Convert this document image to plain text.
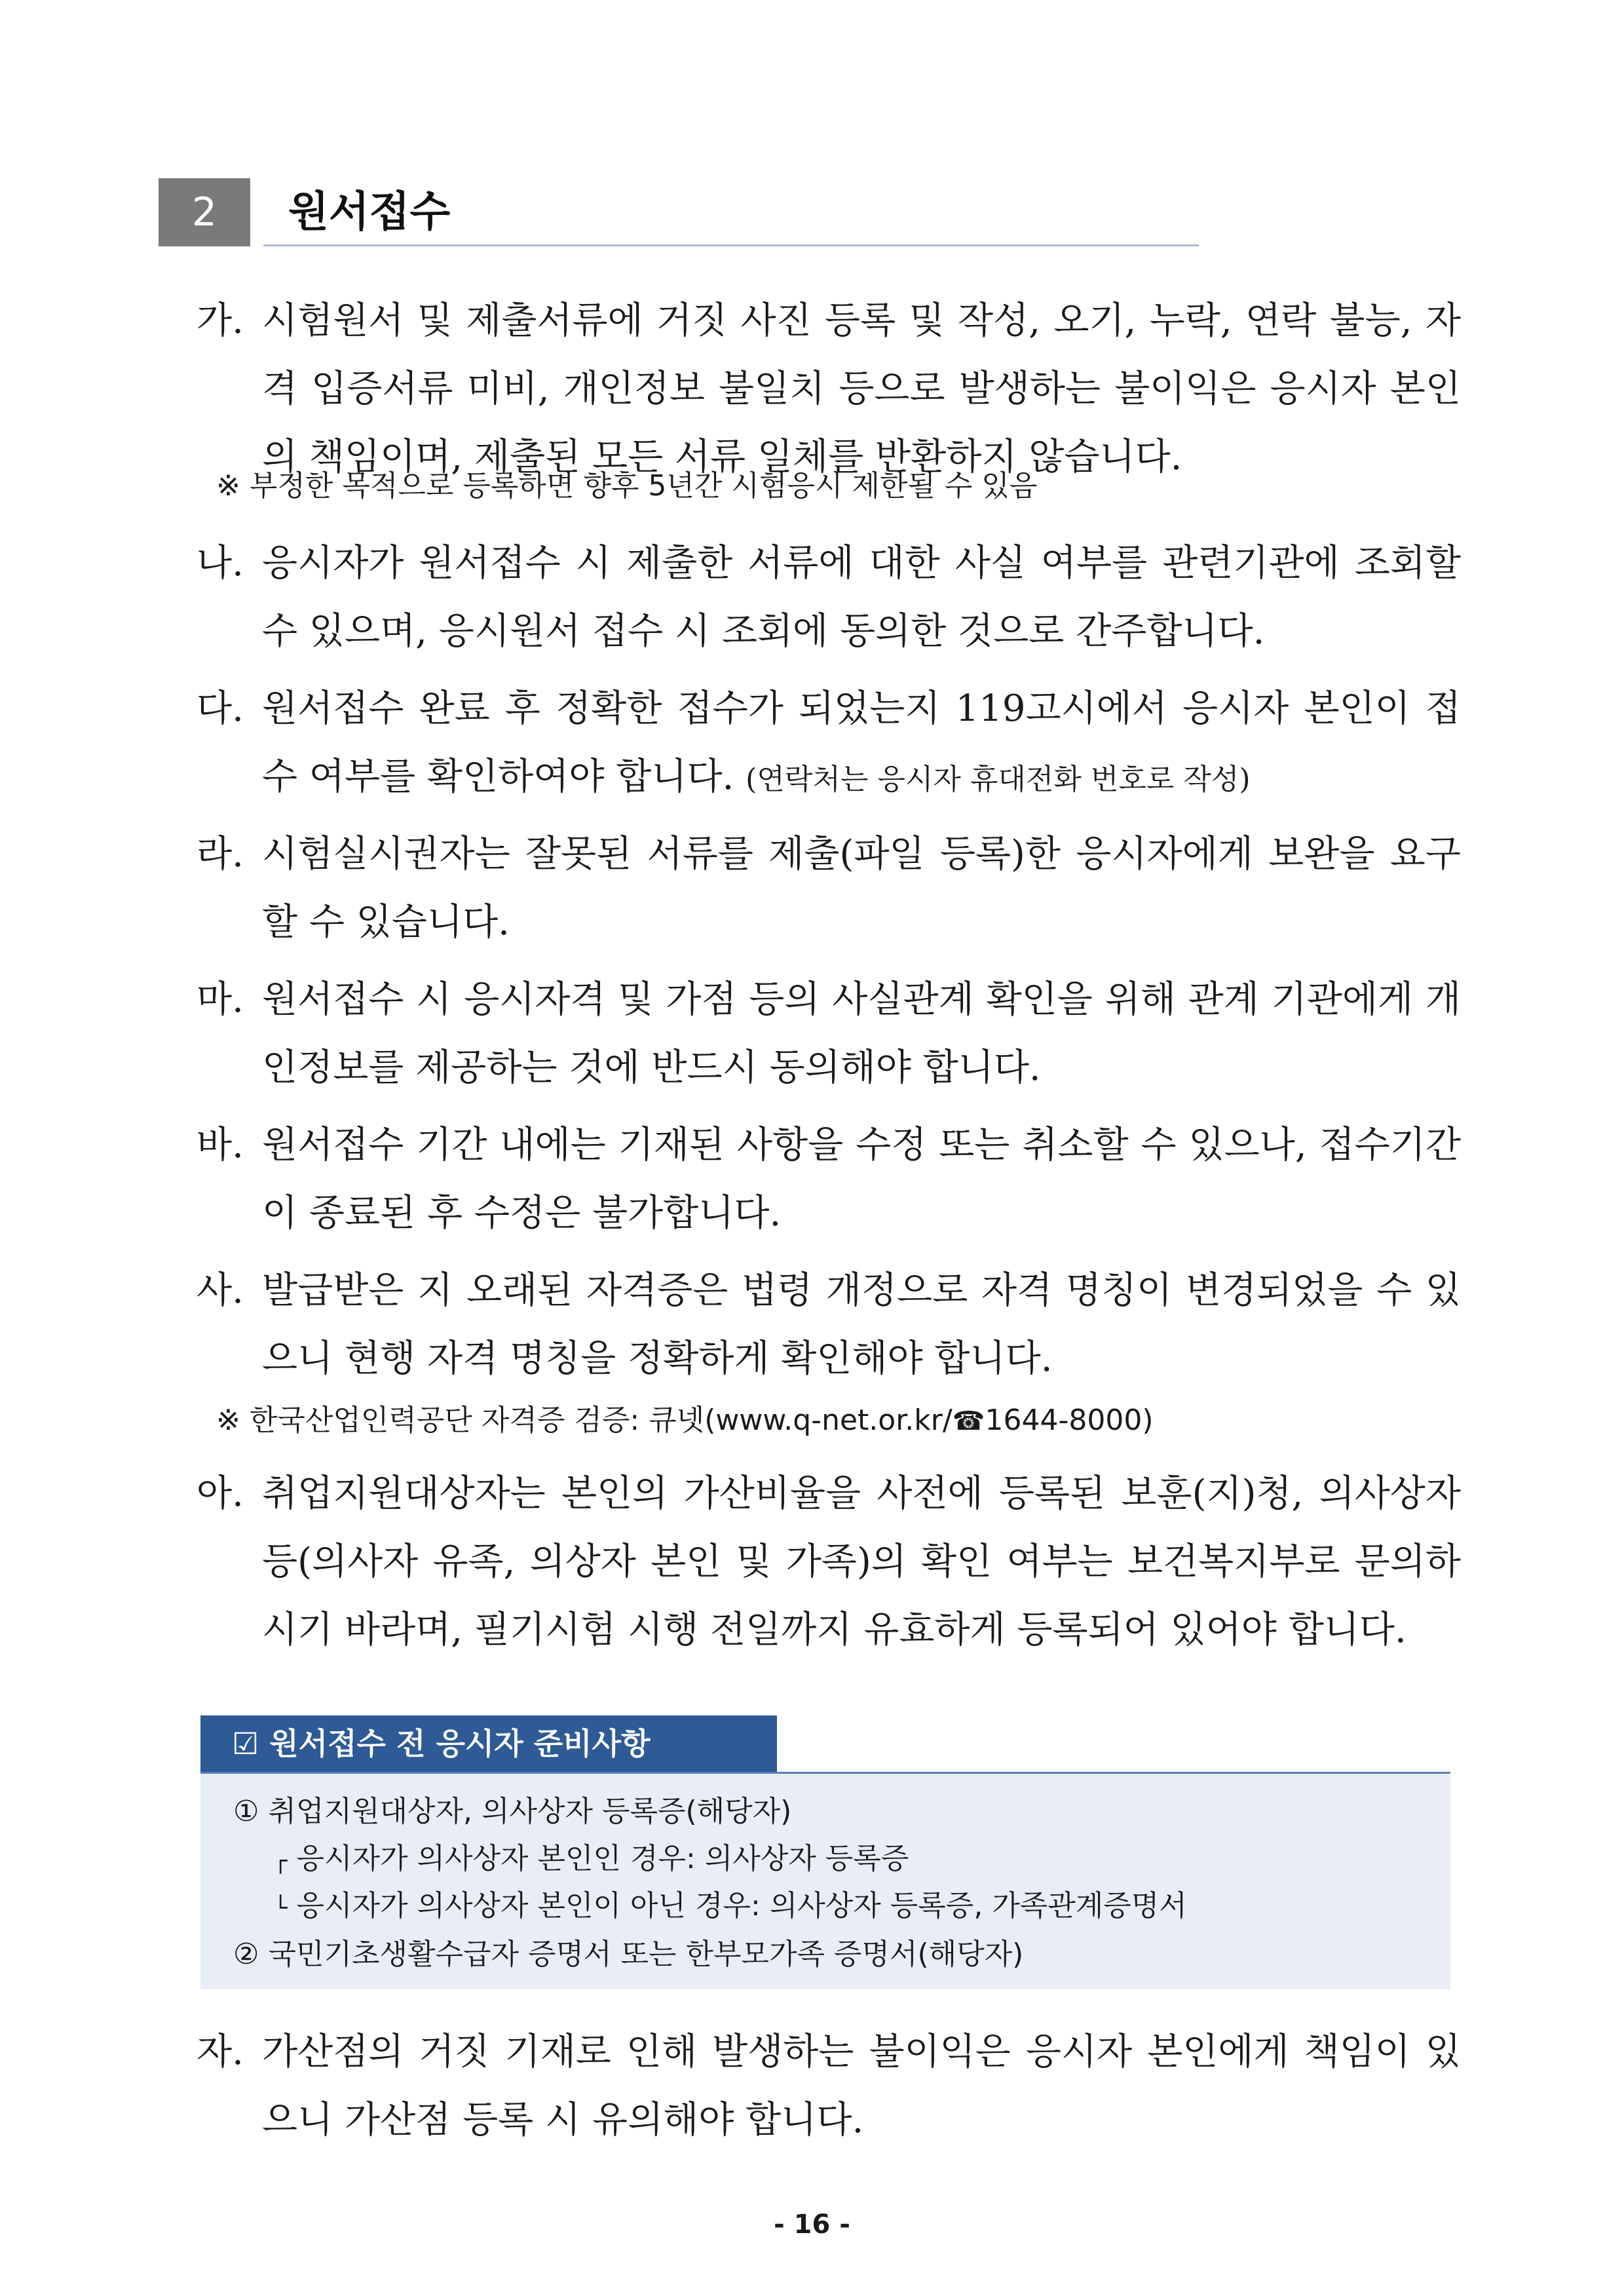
2	원서접수
가. 시험원서 및 제출서류에 거짓 사진 등록 및 작성, 오기, 누락, 연락 불능, 자격 입증서류 미비, 개인정보 불일치 등으로 발생하는 불이익은 응시자 본인의 책임이며, 제출된 모든 서류 일체를 반환하지 않습니다.
※ 부정한 목적으로 등록하면 향후 5년간 시험응시 제한될 수 있음
나. 응시자가 원서접수 시 제출한 서류에 대한 사실 여부를 관련기관에 조회할 수 있으며, 응시원서 접수 시 조회에 동의한 것으로 간주합니다.
다. 원서접수 완료 후 정확한 접수가 되었는지 119고시에서 응시자 본인이 접수 여부를 확인하여야 합니다. (연락처는 응시자 휴대전화 번호로 작성)
라. 시험실시권자는 잘못된 서류를 제출(파일 등록)한 응시자에게 보완을 요구할 수 있습니다.
마. 원서접수 시 응시자격 및 가점 등의 사실관계 확인을 위해 관계 기관에게 개인정보를 제공하는 것에 반드시 동의해야 합니다.
바. 원서접수 기간 내에는 기재된 사항을 수정 또는 취소할 수 있으나, 접수기간이 종료된 후 수정은 불가합니다.
사. 발급받은 지 오래된 자격증은 법령 개정으로 자격 명칭이 변경되었을 수 있으니 현행 자격 명칭을 정확하게 확인해야 합니다.
※ 한국산업인력공단 자격증 검증: 큐넷(www.q-net.or.kr/☎1644-8000)
아. 취업지원대상자는 본인의 가산비율을 사전에 등록된 보훈(지)청, 의사상자 등(의사자 유족, 의상자 본인 및 가족)의 확인 여부는 보건복지부로 문의하시기 바라며, 필기시험 시행 전일까지 유효하게 등록되어 있어야 합니다.
☑ 원서접수 전 응시자 준비사항
① 취업지원대상자, 의사상자 등록증(해당자)
┌ 응시자가 의사상자 본인인 경우: 의사상자 등록증
└ 응시자가 의사상자 본인이 아닌 경우: 의사상자 등록증, 가족관계증명서
② 국민기초생활수급자 증명서 또는 한부모가족 증명서(해당자)
자. 가산점의 거짓 기재로 인해 발생하는 불이익은 응시자 본인에게 책임이 있으니 가산점 등록 시 유의해야 합니다.
- 16 -
